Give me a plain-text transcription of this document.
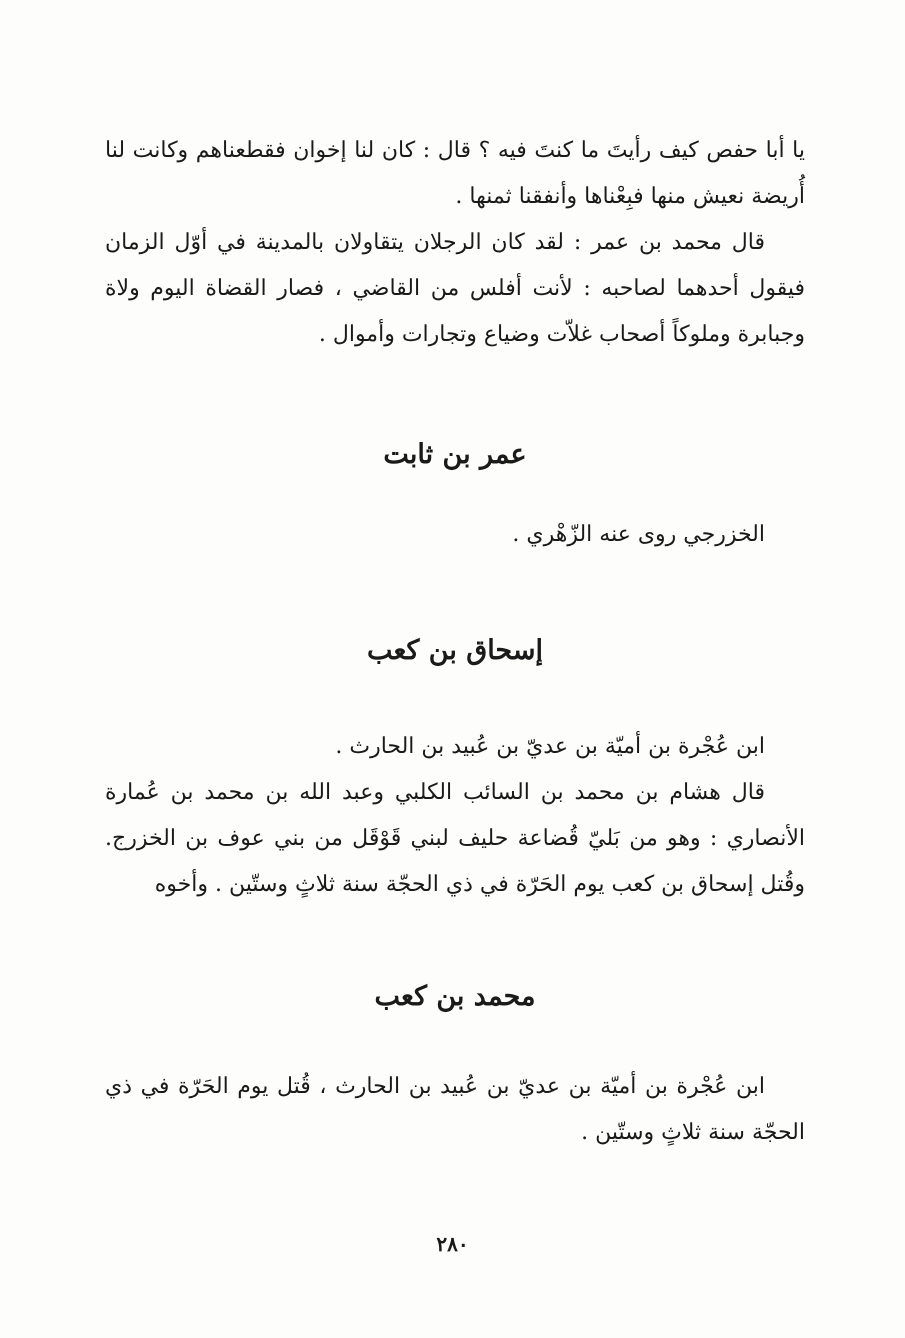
يا أبا حفص كيف رأيتَ ما كنتَ فيه ؟ قال : كان لنا إخوان فقطعناهم وكانت لنا أُريضة نعيش منها فبِعْناها وأنفقنا ثمنها .

قال محمد بن عمر : لقد كان الرجلان يتقاولان بالمدينة في أوّل الزمان فيقول أحدهما لصاحبه : لأنت أفلس من القاضي ، فصار القضاة اليوم ولاة وجبابرة وملوكاً أصحاب غلاّت وضياع وتجارات وأموال .

عمر بن ثابت

الخزرجي روى عنه الزّهْري .

إسحاق بن كعب

ابن عُجْرة بن أميّة بن عديّ بن عُبيد بن الحارث .

قال هشام بن محمد بن السائب الكلبي وعبد الله بن محمد بن عُمارة الأنصاري : وهو من بَليّ قُضاعة حليف لبني قَوْقَل من بني عوف بن الخزرج. وقُتل إسحاق بن كعب يوم الحَرّة في ذي الحجّة سنة ثلاثٍ وستّين . وأخوه

محمد بن كعب

ابن عُجْرة بن أميّة بن عديّ بن عُبيد بن الحارث ، قُتل يوم الحَرّة في ذي الحجّة سنة ثلاثٍ وستّين .

٢٨٠
